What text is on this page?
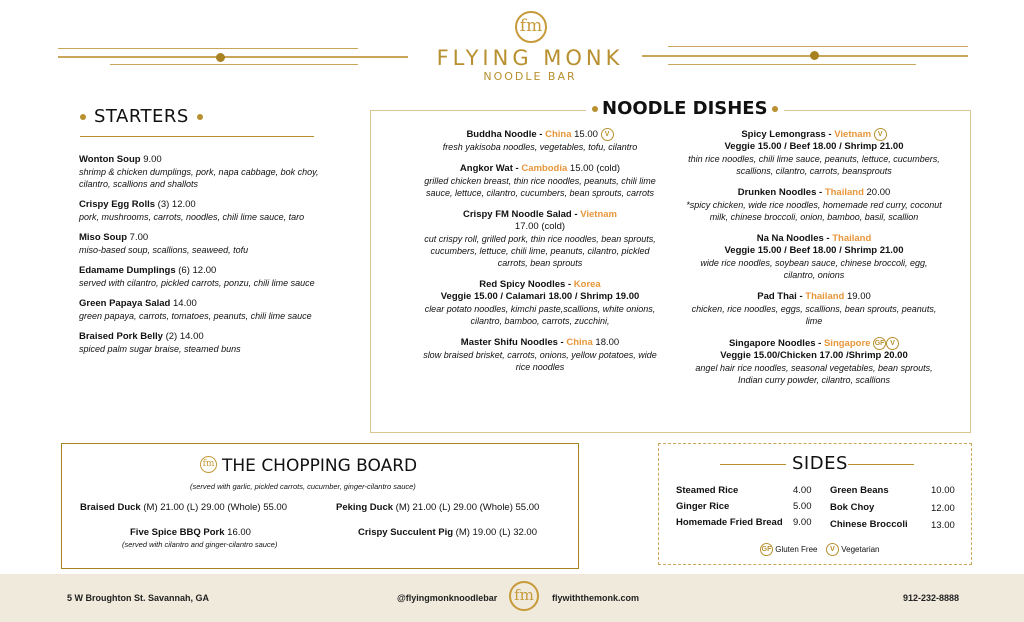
fm
FLYING MONK
NOODLE BAR
STARTERS
Wonton Soup 9.00
shrimp & chicken dumplings, pork, napa cabbage, bok choy, cilantro, scallions and shallots
Crispy Egg Rolls (3) 12.00
pork, mushrooms, carrots, noodles, chili lime sauce, taro
Miso Soup 7.00
miso-based soup, scallions, seaweed, tofu
Edamame Dumplings (6) 12.00
served with cilantro, pickled carrots, ponzu, chili lime sauce
Green Papaya Salad 14.00
green papaya, carrots, tomatoes, peanuts, chili lime sauce
Braised Pork Belly (2) 14.00
spiced palm sugar braise, steamed buns
NOODLE DISHES
Buddha Noodle - China 15.00 V
fresh yakisoba noodles, vegetables, tofu, cilantro
Angkor Wat - Cambodia 15.00 (cold)
grilled chicken breast, thin rice noodles, peanuts, chili lime sauce, lettuce, cilantro, cucumbers, bean sprouts, carrots
Crispy FM Noodle Salad - Vietnam
17.00 (cold)
cut crispy roll, grilled pork, thin rice noodles, bean sprouts, cucumbers, lettuce, chili lime, peanuts, cilantro, pickled carrots, bean sprouts
Red Spicy Noodles - Korea
Veggie 15.00 / Calamari 18.00 / Shrimp 19.00
clear potato noodles, kimchi paste,scallions, white onions, cilantro, bamboo, carrots, zucchini,
Master Shifu Noodles - China 18.00
slow braised brisket, carrots, onions, yellow potatoes, wide rice noodles
Spicy Lemongrass - Vietnam V
Veggie 15.00 / Beef 18.00 / Shrimp 21.00
thin rice noodles, chili lime sauce, peanuts, lettuce, cucumbers, scallions, cilantro, carrots, beansprouts
Drunken Noodles - Thailand 20.00
*spicy chicken, wide rice noodles, homemade red curry, coconut milk, chinese broccoli, onion, bamboo, basil, scallion
Na Na Noodles - Thailand
Veggie 15.00 / Beef 18.00 / Shrimp 21.00
wide rice noodles, soybean sauce, chinese broccoli, egg, cilantro, onions
Pad Thai - Thailand 19.00
chicken, rice noodles, eggs, scallions, bean sprouts, peanuts, lime
Singapore Noodles - Singapore GF V
Veggie 15.00/Chicken 17.00 /Shrimp 20.00
angel hair rice noodles, seasonal vegetables, bean sprouts, Indian curry powder, cilantro, scallions
fm THE CHOPPING BOARD
(served with garlic, pickled carrots, cucumber, ginger-cilantro sauce)
Braised Duck (M) 21.00 (L) 29.00 (Whole) 55.00	Peking Duck (M) 21.00 (L) 29.00 (Whole) 55.00
Five Spice BBQ Pork 16.00
(served with cilantro and ginger-cilantro sauce)
Crispy Succulent Pig (M) 19.00 (L) 32.00
SIDES
Steamed Rice	4.00
Ginger Rice	5.00
Homemade Fried Bread 9.00
Green Beans	10.00
Bok Choy	12.00
Chinese Broccoli 13.00
GF Gluten Free	V Vegetarian
5 W Broughton St. Savannah, GA	@flyingmonknoodlebar	fm	flywiththemonk.com	912-232-8888
